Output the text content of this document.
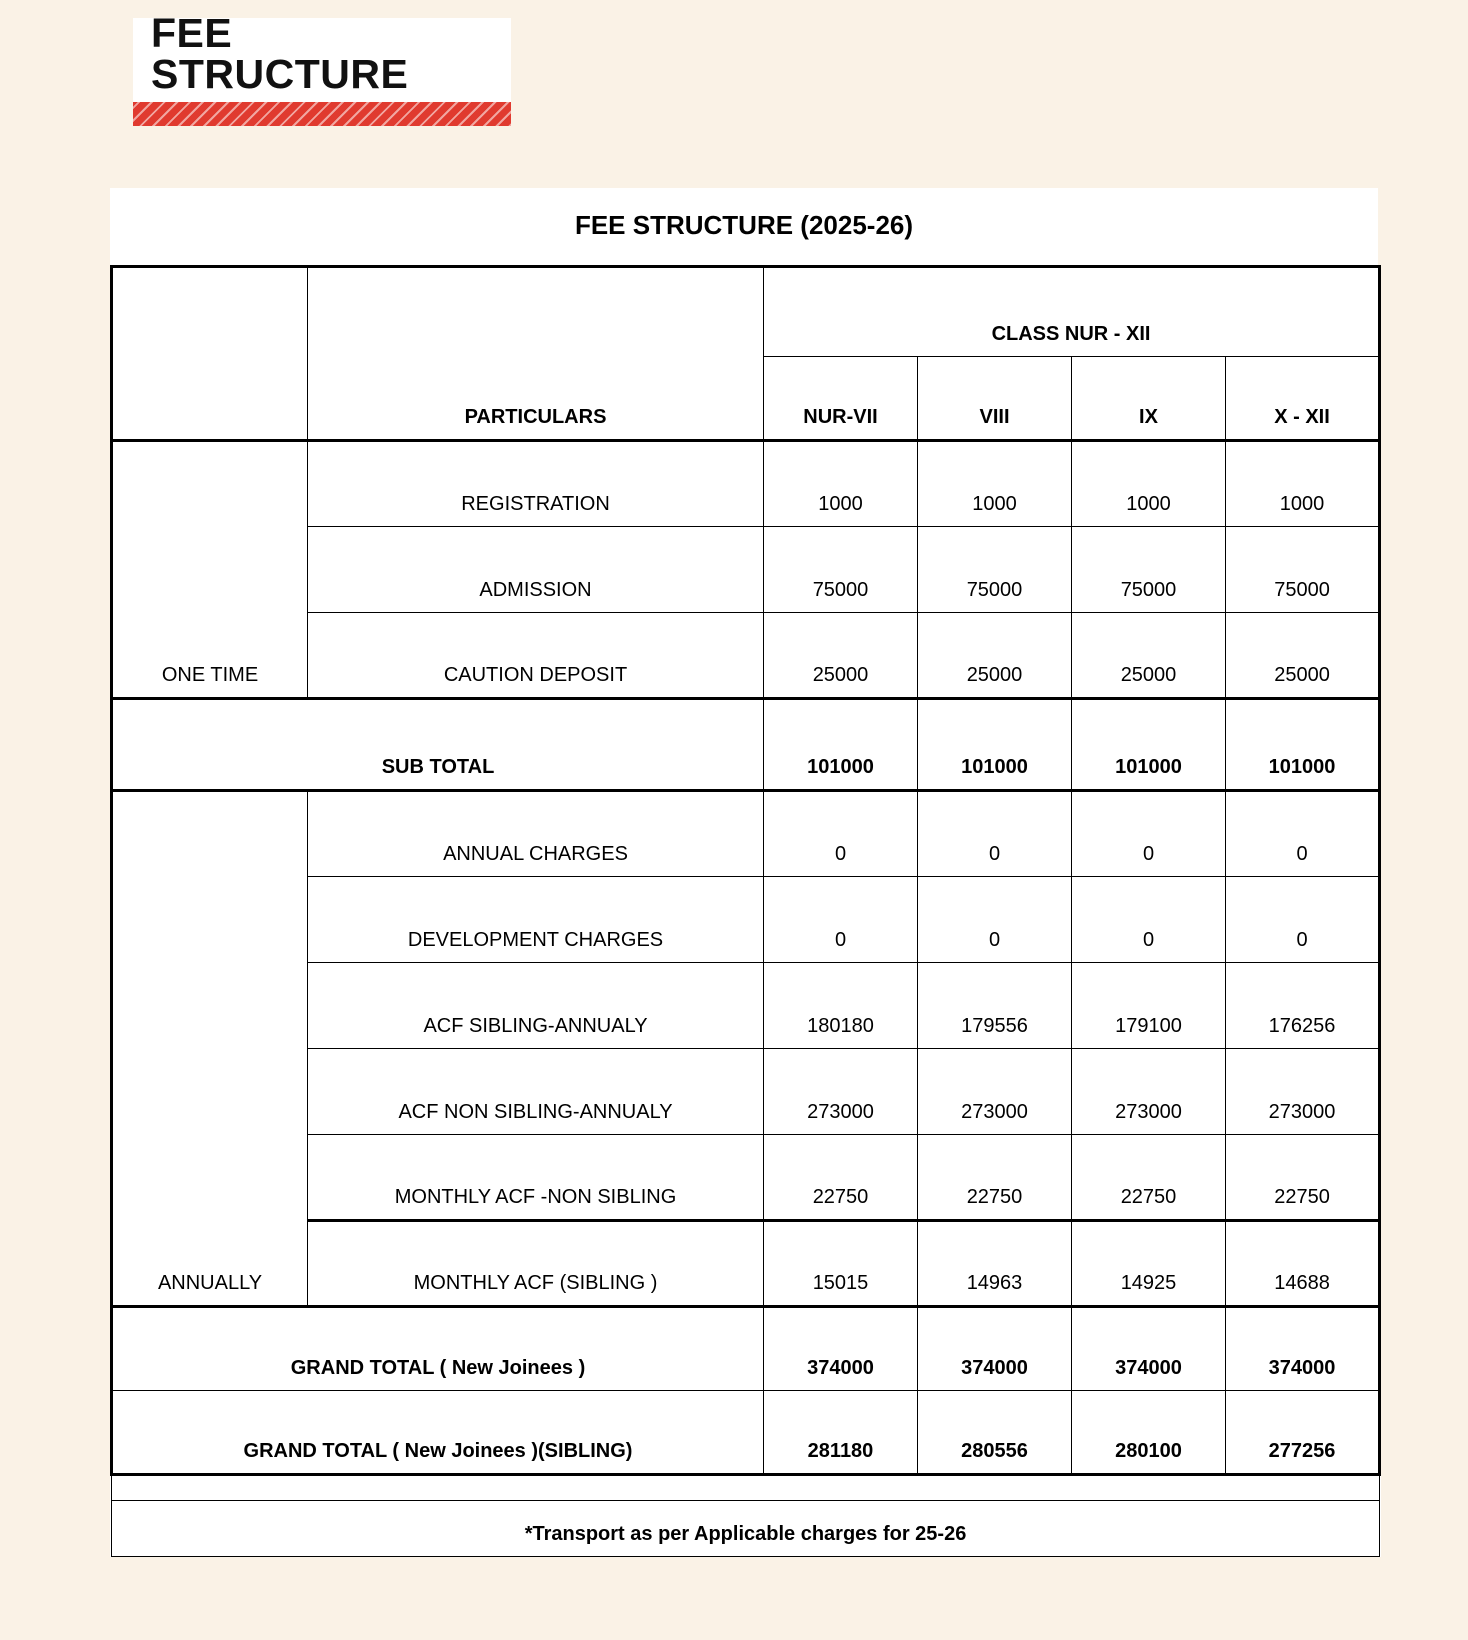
FEE STRUCTURE
FEE STRUCTURE (2025-26)
	PARTICULARS	CLASS NUR - XII			
		NUR-VII	VIII	IX	X - XII
ONE TIME	REGISTRATION	1000	1000	1000	1000
	ADMISSION	75000	75000	75000	75000
	CAUTION DEPOSIT	25000	25000	25000	25000
SUB TOTAL		101000	101000	101000	101000
ANNUALLY	ANNUAL CHARGES	0	0	0	0
	DEVELOPMENT CHARGES	0	0	0	0
	ACF SIBLING-ANNUALY	180180	179556	179100	176256
	ACF NON SIBLING-ANNUALY	273000	273000	273000	273000
	MONTHLY ACF -NON SIBLING	22750	22750	22750	22750
	MONTHLY ACF (SIBLING )	15015	14963	14925	14688
GRAND TOTAL ( New Joinees )		374000	374000	374000	374000
GRAND TOTAL ( New Joinees )(SIBLING)		281180	280556	280100	277256

*Transport as per Applicable charges for 25-26					
